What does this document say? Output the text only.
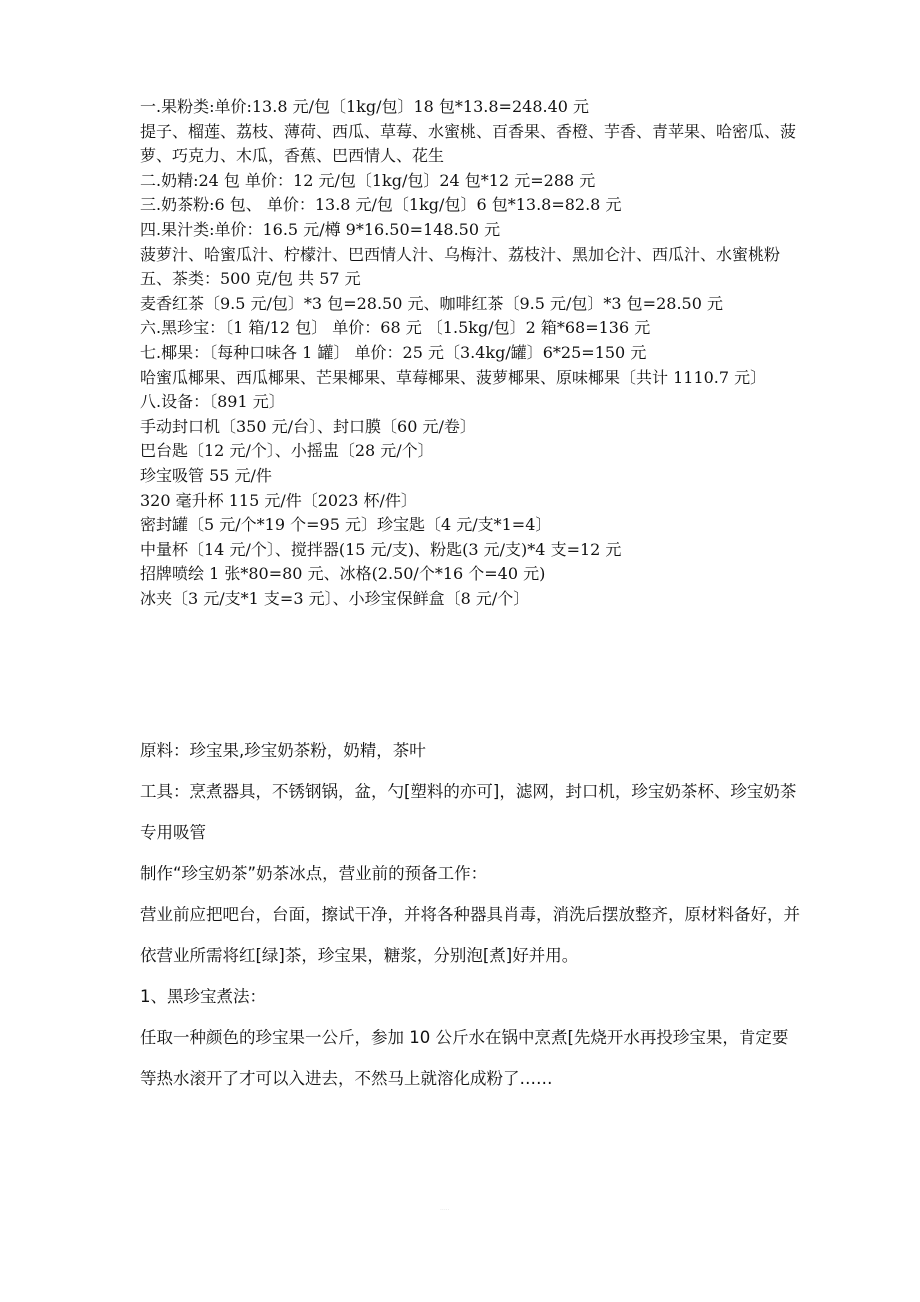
一.果粉类:单价:13.8 元/包〔1kg/包〕18 包*13.8=248.40 元
提子、榴莲、荔枝、薄荷、西瓜、草莓、水蜜桃、百香果、香橙、芋香、青苹果、哈密瓜、菠萝、巧克力、木瓜，香蕉、巴西情人、花生
二.奶精:24 包 单价：12 元/包〔1kg/包〕24 包*12 元=288 元
三.奶茶粉:6 包、 单价：13.8 元/包〔1kg/包〕6 包*13.8=82.8 元
四.果汁类:单价：16.5 元/樽 9*16.50=148.50 元
菠萝汁、哈蜜瓜汁、柠檬汁、巴西情人汁、乌梅汁、荔枝汁、黑加仑汁、西瓜汁、水蜜桃粉
五、茶类：500 克/包 共 57 元
麦香红茶〔9.5 元/包〕*3 包=28.50 元、咖啡红茶〔9.5 元/包〕*3 包=28.50 元
六.黑珍宝：〔1 箱/12 包〕 单价：68 元 〔1.5kg/包〕2 箱*68=136 元
七.椰果：〔每种口味各 1 罐〕 单价：25 元〔3.4kg/罐〕6*25=150 元
哈蜜瓜椰果、西瓜椰果、芒果椰果、草莓椰果、菠萝椰果、原味椰果〔共计 1110.7 元〕
八.设备：〔891 元〕
手动封口机〔350 元/台〕、封口膜〔60 元/卷〕
巴台匙〔12 元/个〕、小摇盅〔28 元/个〕
珍宝吸管 55 元/件
320 毫升杯 115 元/件〔2023 杯/件〕
密封罐〔5 元/个*19 个=95 元〕珍宝匙〔4 元/支*1=4〕
中量杯〔14 元/个〕、搅拌器(15 元/支)、粉匙(3 元/支)*4 支=12 元
招牌喷绘 1 张*80=80 元、冰格(2.50/个*16 个=40 元)
冰夹〔3 元/支*1 支=3 元〕、小珍宝保鲜盒〔8 元/个〕
原料：珍宝果,珍宝奶茶粉，奶精，茶叶
工具：烹煮器具，不锈钢锅，盆，勺[塑料的亦可]，滤网，封口机，珍宝奶茶杯、珍宝奶茶专用吸管
制作“珍宝奶茶”奶茶冰点，营业前的预备工作：
营业前应把吧台，台面，擦试干净，并将各种器具肖毒，消洗后摆放整齐，原材料备好，并依营业所需将红[绿]茶，珍宝果，糖浆，分别泡[煮]好并用。
1、黑珍宝煮法：
任取一种颜色的珍宝果一公斤，参加 10 公斤水在锅中烹煮[先烧开水再投珍宝果，肯定要等热水滚开了才可以入进去，不然马上就溶化成粉了……
·····
